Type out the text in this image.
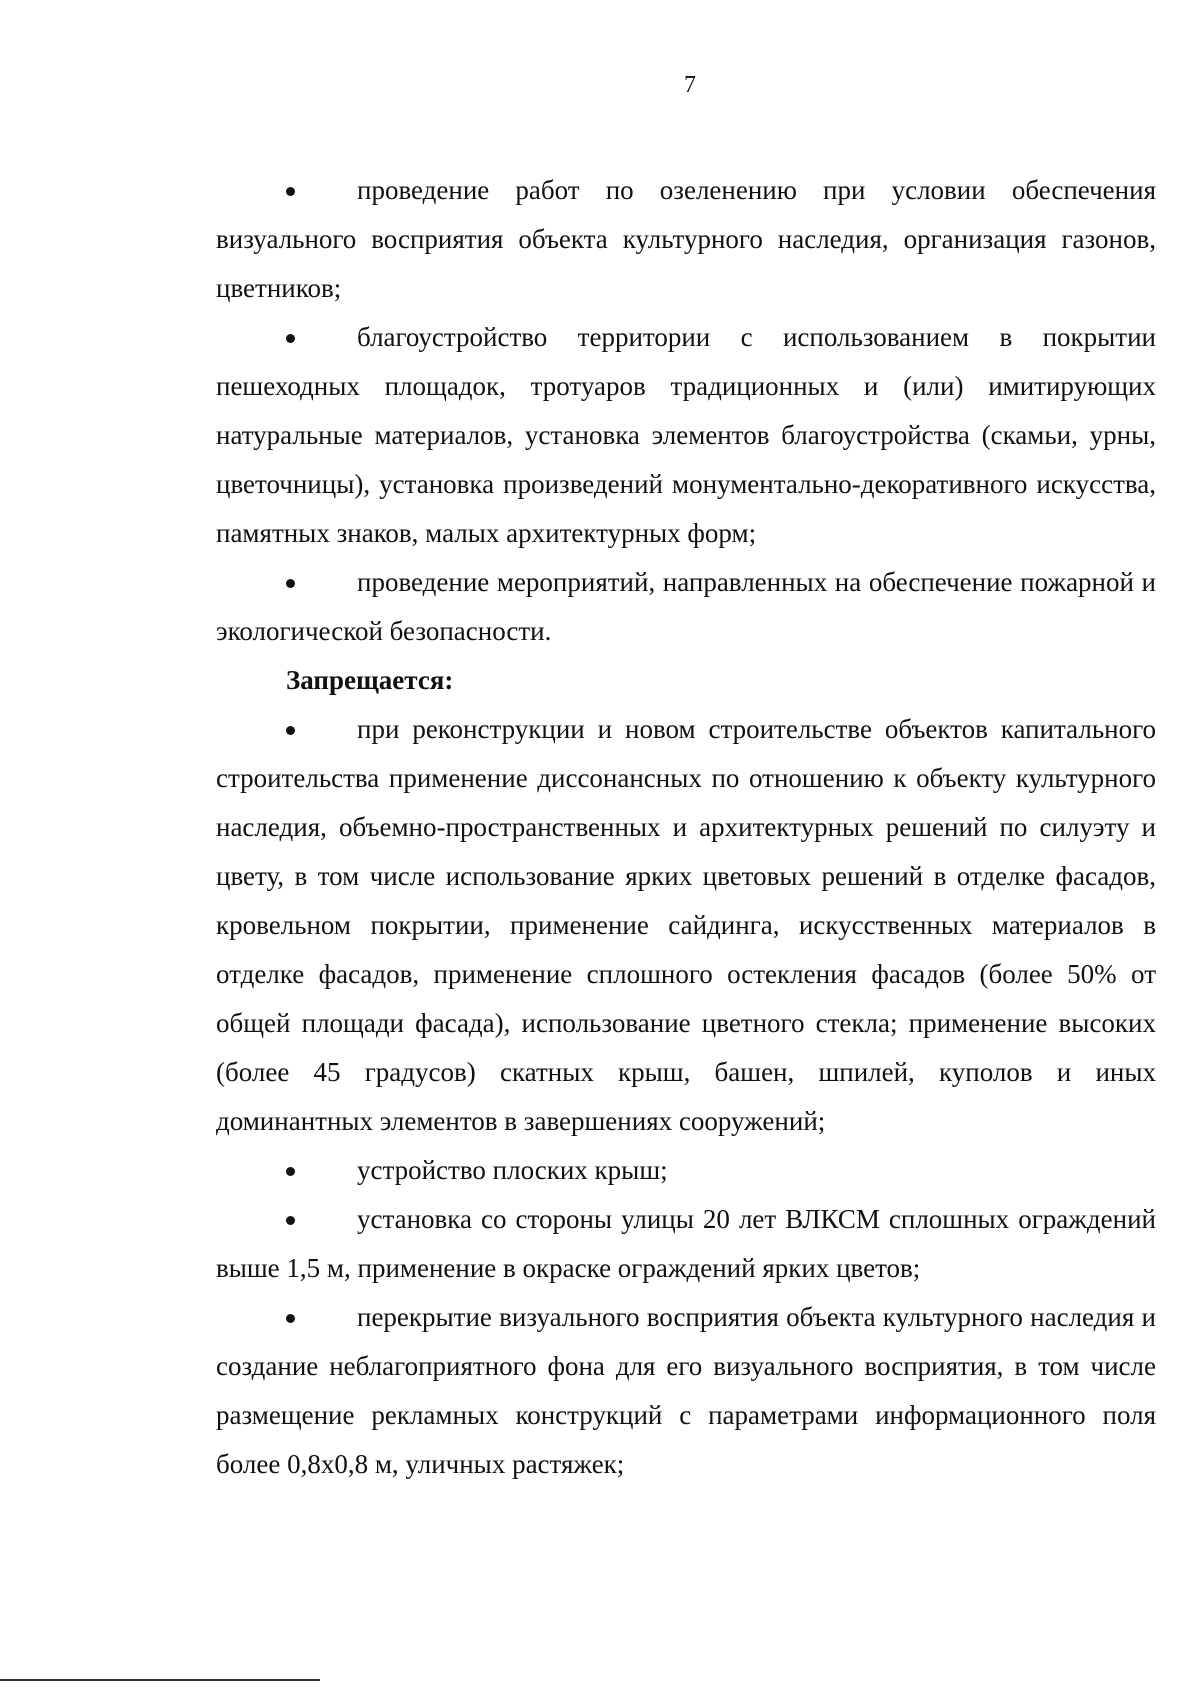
7

проведение работ по озеленению при условии обеспечения визуального восприятия объекта культурного наследия, организация газонов, цветников;

благоустройство территории с использованием в покрытии пешеходных площадок, тротуаров традиционных и (или) имитирующих натуральные материалов, установка элементов благоустройства (скамьи, урны, цветочницы), установка произведений монументально-декоративного искусства, памятных знаков, малых архитектурных форм;

проведение мероприятий, направленных на обеспечение пожарной и экологической безопасности.

Запрещается:

при реконструкции и новом строительстве объектов капитального строительства применение диссонансных по отношению к объекту культурного наследия, объемно-пространственных и архитектурных решений по силуэту и цвету, в том числе использование ярких цветовых решений в отделке фасадов, кровельном покрытии, применение сайдинга, искусственных материалов в отделке фасадов, применение сплошного остекления фасадов (более 50% от общей площади фасада), использование цветного стекла; применение высоких (более 45 градусов) скатных крыш, башен, шпилей, куполов и иных доминантных элементов в завершениях сооружений;

устройство плоских крыш;

установка со стороны улицы 20 лет ВЛКСМ сплошных ограждений выше 1,5 м, применение в окраске ограждений ярких цветов;

перекрытие визуального восприятия объекта культурного наследия и создание неблагоприятного фона для его визуального восприятия, в том числе размещение рекламных конструкций с параметрами информационного поля более 0,8x0,8 м, уличных растяжек;
